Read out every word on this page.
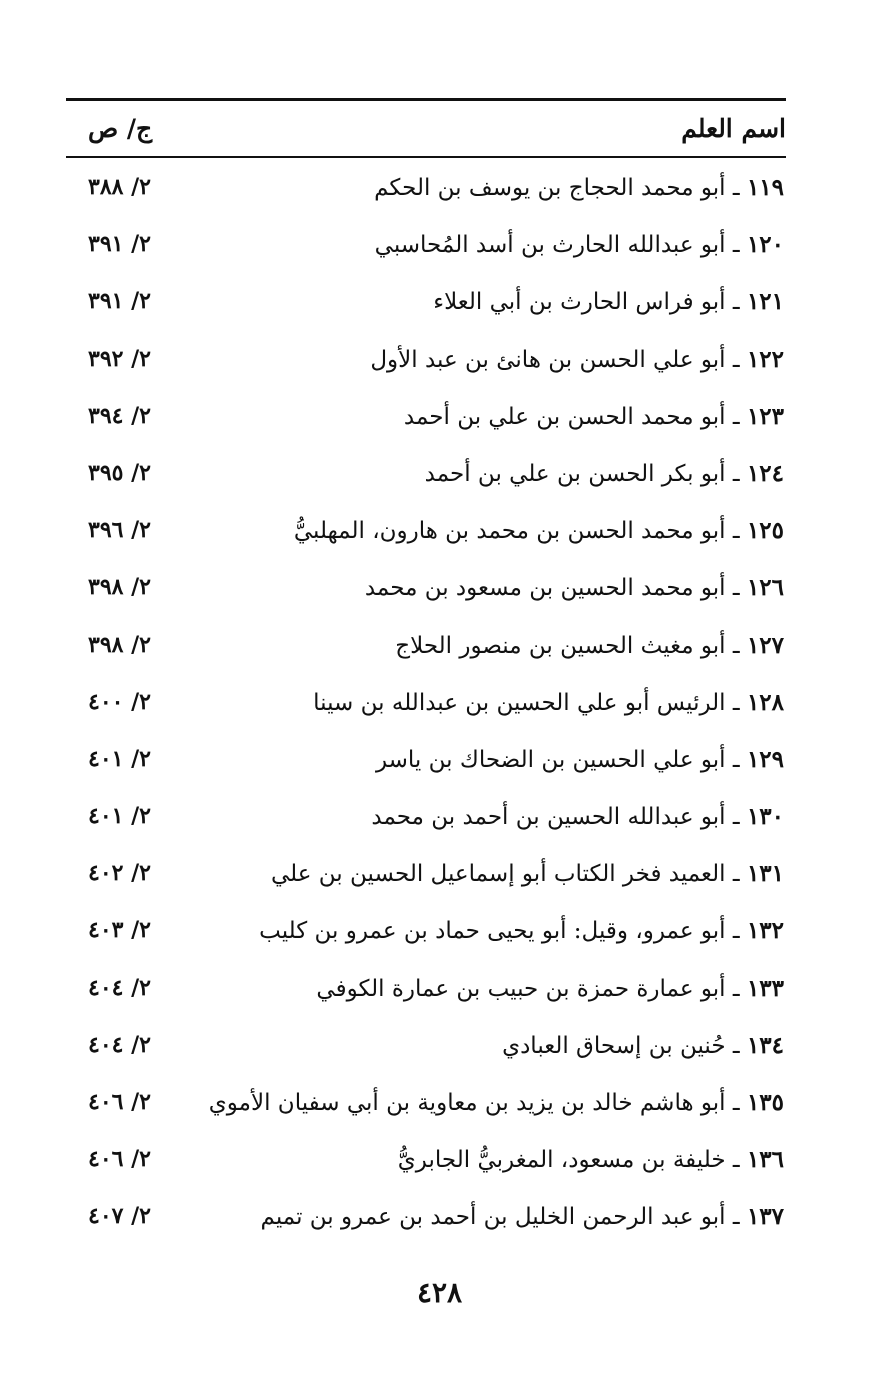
اسم العلم
ج/ ص
١١٩ ـ أبو محمد الحجاج بن يوسف بن الحكم
٢/ ٣٨٨
١٢٠ ـ أبو عبدالله الحارث بن أسد المُحاسبي
٢/ ٣٩١
١٢١ ـ أبو فراس الحارث بن أبي العلاء
٢/ ٣٩١
١٢٢ ـ أبو علي الحسن بن هانئ بن عبد الأول
٢/ ٣٩٢
١٢٣ ـ أبو محمد الحسن بن علي بن أحمد
٢/ ٣٩٤
١٢٤ ـ أبو بكر الحسن بن علي بن أحمد
٢/ ٣٩٥
١٢٥ ـ أبو محمد الحسن بن محمد بن هارون، المهلبيُّ
٢/ ٣٩٦
١٢٦ ـ أبو محمد الحسين بن مسعود بن محمد
٢/ ٣٩٨
١٢٧ ـ أبو مغيث الحسين بن منصور الحلاج
٢/ ٣٩٨
١٢٨ ـ الرئيس أبو علي الحسين بن عبدالله بن سينا
٢/ ٤٠٠
١٢٩ ـ أبو علي الحسين بن الضحاك بن ياسر
٢/ ٤٠١
١٣٠ ـ أبو عبدالله الحسين بن أحمد بن محمد
٢/ ٤٠١
١٣١ ـ العميد فخر الكتاب أبو إسماعيل الحسين بن علي
٢/ ٤٠٢
١٣٢ ـ أبو عمرو، وقيل: أبو يحيى حماد بن عمرو بن كليب
٢/ ٤٠٣
١٣٣ ـ أبو عمارة حمزة بن حبيب بن عمارة الكوفي
٢/ ٤٠٤
١٣٤ ـ حُنين بن إسحاق العبادي
٢/ ٤٠٤
١٣٥ ـ أبو هاشم خالد بن يزيد بن معاوية بن أبي سفيان الأموي
٢/ ٤٠٦
١٣٦ ـ خليفة بن مسعود، المغربيُّ الجابريُّ
٢/ ٤٠٦
١٣٧ ـ أبو عبد الرحمن الخليل بن أحمد بن عمرو بن تميم
٢/ ٤٠٧
٤٢٨
